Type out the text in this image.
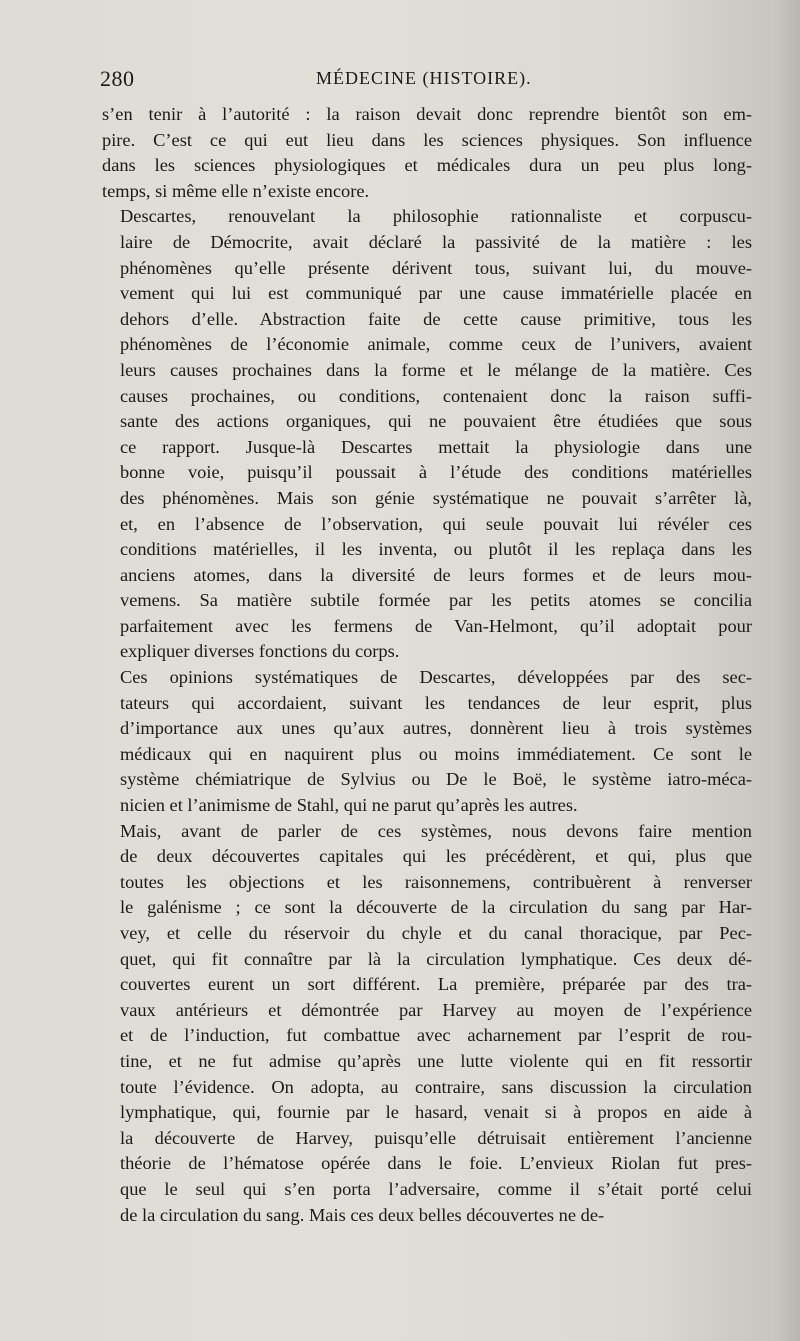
280	MÉDECINE (HISTOIRE).

s’en tenir à l’autorité : la raison devait donc reprendre bientôt son em-
pire. C’est ce qui eut lieu dans les sciences physiques. Son influence
dans les sciences physiologiques et médicales dura un peu plus long-
temps, si même elle n’existe encore.

Descartes, renouvelant la philosophie rationnaliste et corpuscu-
laire de Démocrite, avait déclaré la passivité de la matière : les
phénomènes qu’elle présente dérivent tous, suivant lui, du mouve-
vement qui lui est communiqué par une cause immatérielle placée en
dehors d’elle. Abstraction faite de cette cause primitive, tous les
phénomènes de l’économie animale, comme ceux de l’univers, avaient
leurs causes prochaines dans la forme et le mélange de la matière. Ces
causes prochaines, ou conditions, contenaient donc la raison suffi-
sante des actions organiques, qui ne pouvaient être étudiées que sous
ce rapport. Jusque-là Descartes mettait la physiologie dans une
bonne voie, puisqu’il poussait à l’étude des conditions matérielles
des phénomènes. Mais son génie systématique ne pouvait s’arrêter là,
et, en l’absence de l’observation, qui seule pouvait lui révéler ces
conditions matérielles, il les inventa, ou plutôt il les replaça dans les
anciens atomes, dans la diversité de leurs formes et de leurs mou-
vemens. Sa matière subtile formée par les petits atomes se concilia
parfaitement avec les fermens de Van-Helmont, qu’il adoptait pour
expliquer diverses fonctions du corps.

Ces opinions systématiques de Descartes, développées par des sec-
tateurs qui accordaient, suivant les tendances de leur esprit, plus
d’importance aux unes qu’aux autres, donnèrent lieu à trois systèmes
médicaux qui en naquirent plus ou moins immédiatement. Ce sont le
système chémiatrique de Sylvius ou De le Boë, le système iatro-méca-
nicien et l’animisme de Stahl, qui ne parut qu’après les autres.

Mais, avant de parler de ces systèmes, nous devons faire mention
de deux découvertes capitales qui les précédèrent, et qui, plus que
toutes les objections et les raisonnemens, contribuèrent à renverser
le galénisme ; ce sont la découverte de la circulation du sang par Har-
vey, et celle du réservoir du chyle et du canal thoracique, par Pec-
quet, qui fit connaître par là la circulation lymphatique. Ces deux dé-
couvertes eurent un sort différent. La première, préparée par des tra-
vaux antérieurs et démontrée par Harvey au moyen de l’expérience
et de l’induction, fut combattue avec acharnement par l’esprit de rou-
tine, et ne fut admise qu’après une lutte violente qui en fit ressortir
toute l’évidence. On adopta, au contraire, sans discussion la circulation
lymphatique, qui, fournie par le hasard, venait si à propos en aide à
la découverte de Harvey, puisqu’elle détruisait entièrement l’ancienne
théorie de l’hématose opérée dans le foie. L’envieux Riolan fut pres-
que le seul qui s’en porta l’adversaire, comme il s’était porté celui
de la circulation du sang. Mais ces deux belles découvertes ne de-
